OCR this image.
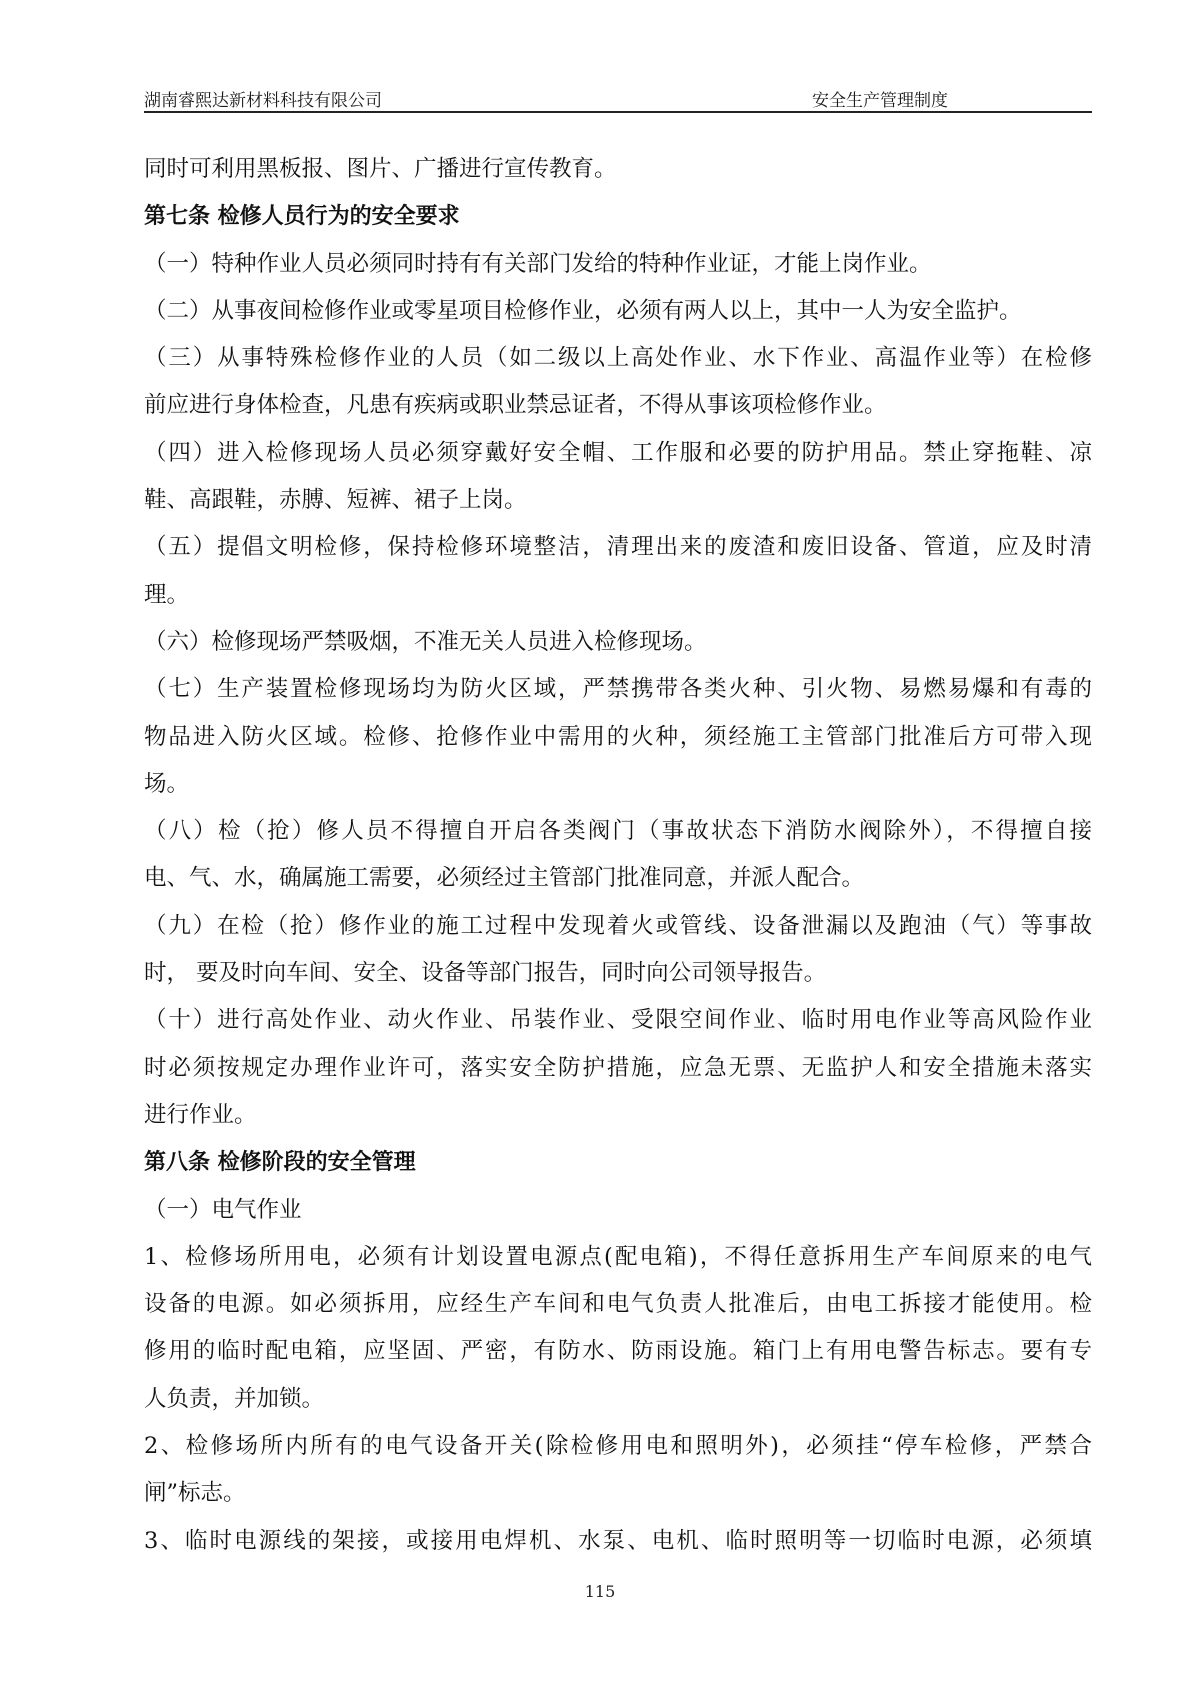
湖南睿熙达新材料科技有限公司	安全生产管理制度
同时可利用黑板报、图片、广播进行宣传教育。
第七条 检修人员行为的安全要求
（一）特种作业人员必须同时持有有关部门发给的特种作业证，才能上岗作业。
（二）从事夜间检修作业或零星项目检修作业，必须有两人以上，其中一人为安全监护。
（三）从事特殊检修作业的人员（如二级以上高处作业、水下作业、高温作业等）在检修
前应进行身体检查，凡患有疾病或职业禁忌证者，不得从事该项检修作业。
（四）进入检修现场人员必须穿戴好安全帽、工作服和必要的防护用品。禁止穿拖鞋、凉
鞋、高跟鞋，赤膊、短裤、裙子上岗。
（五）提倡文明检修，保持检修环境整洁，清理出来的废渣和废旧设备、管道，应及时清
理。
（六）检修现场严禁吸烟，不准无关人员进入检修现场。
（七）生产装置检修现场均为防火区域，严禁携带各类火种、引火物、易燃易爆和有毒的
物品进入防火区域。检修、抢修作业中需用的火种，须经施工主管部门批准后方可带入现
场。
（八）检（抢）修人员不得擅自开启各类阀门（事故状态下消防水阀除外），不得擅自接
电、气、水，确属施工需要，必须经过主管部门批准同意，并派人配合。
（九）在检（抢）修作业的施工过程中发现着火或管线、设备泄漏以及跑油（气）等事故
时， 要及时向车间、安全、设备等部门报告，同时向公司领导报告。
（十）进行高处作业、动火作业、吊装作业、受限空间作业、临时用电作业等高风险作业
时必须按规定办理作业许可，落实安全防护措施，应急无票、无监护人和安全措施未落实
进行作业。
第八条 检修阶段的安全管理
（一）电气作业
1、检修场所用电，必须有计划设置电源点(配电箱)，不得任意拆用生产车间原来的电气
设备的电源。如必须拆用，应经生产车间和电气负责人批准后，由电工拆接才能使用。检
修用的临时配电箱，应坚固、严密，有防水、防雨设施。箱门上有用电警告标志。要有专
人负责，并加锁。
2、检修场所内所有的电气设备开关(除检修用电和照明外)，必须挂“停车检修，严禁合
闸”标志。
3、临时电源线的架接，或接用电焊机、水泵、电机、临时照明等一切临时电源，必须填
115
